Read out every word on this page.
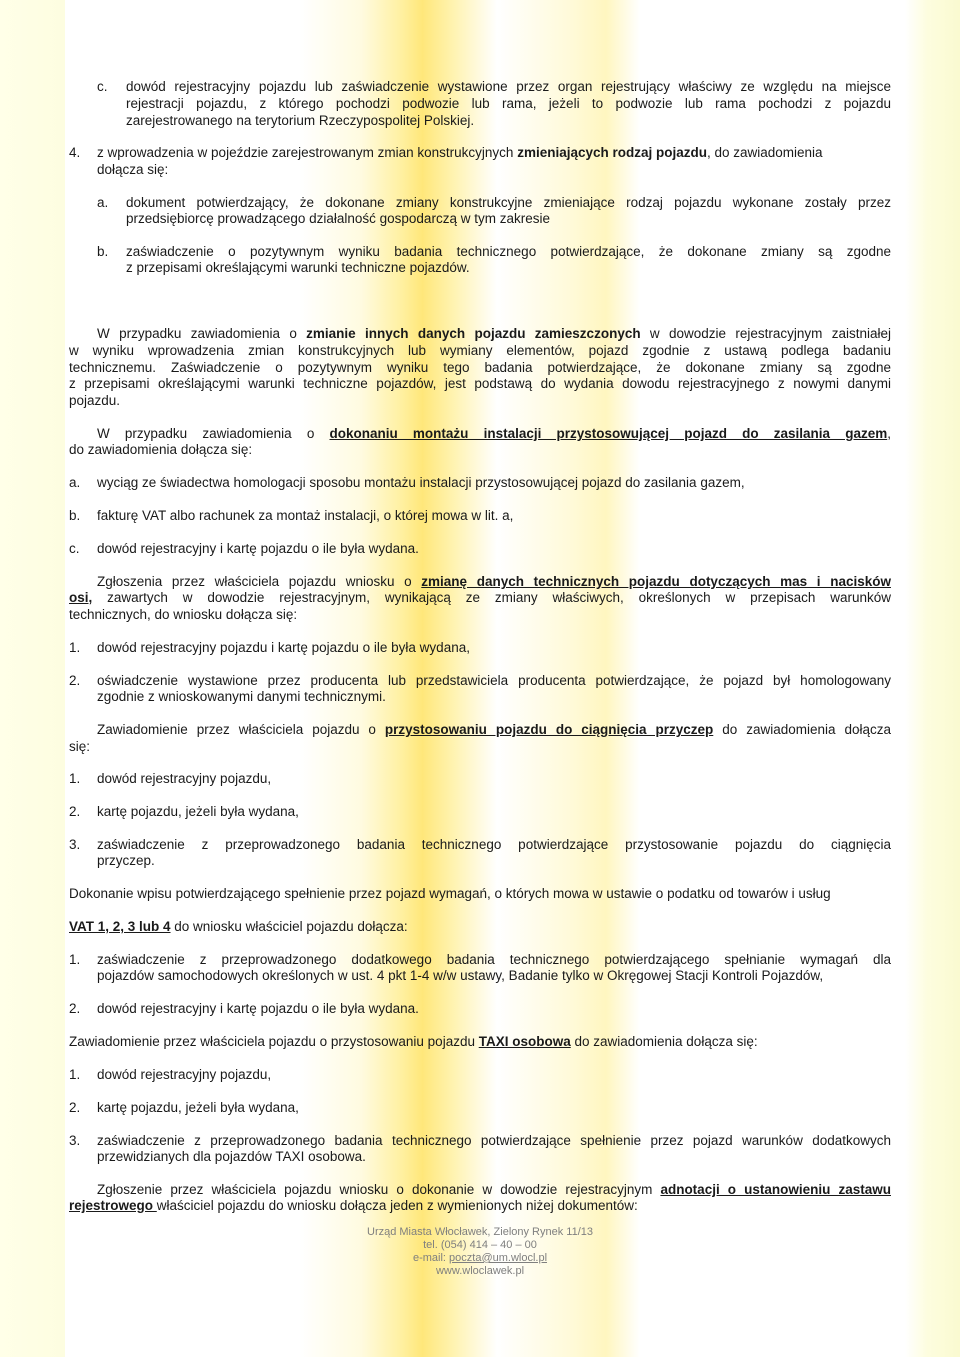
c. dowód rejestracyjny pojazdu lub zaświadczenie wystawione przez organ rejestrujący właściwy ze względu na miejsce
rejestracji pojazdu, z którego pochodzi podwozie lub rama, jeżeli to podwozie lub rama pochodzi z pojazdu
zarejestrowanego na terytorium Rzeczypospolitej Polskiej.
4. z wprowadzenia w pojeździe zarejestrowanym zmian konstrukcyjnych zmieniających rodzaj pojazdu, do zawiadomienia
dołącza się:
a. dokument potwierdzający, że dokonane zmiany konstrukcyjne zmieniające rodzaj pojazdu wykonane zostały przez
przedsiębiorcę prowadzącego działalność gospodarczą w tym zakresie
b. zaświadczenie o pozytywnym wyniku badania technicznego potwierdzające, że dokonane zmiany są zgodne
z przepisami określającymi warunki techniczne pojazdów.
W przypadku zawiadomienia o zmianie innych danych pojazdu zamieszczonych w dowodzie rejestracyjnym zaistniałej
w wyniku wprowadzenia zmian konstrukcyjnych lub wymiany elementów, pojazd zgodnie z ustawą podlega badaniu
technicznemu. Zaświadczenie o pozytywnym wyniku tego badania potwierdzające, że dokonane zmiany są zgodne
z przepisami określającymi warunki techniczne pojazdów, jest podstawą do wydania dowodu rejestracyjnego z nowymi danymi
pojazdu.
W przypadku zawiadomienia o dokonaniu montażu instalacji przystosowującej pojazd do zasilania gazem,
do zawiadomienia dołącza się:
a. wyciąg ze świadectwa homologacji sposobu montażu instalacji przystosowującej pojazd do zasilania gazem,
b. fakturę VAT albo rachunek za montaż instalacji, o której mowa w lit. a,
c. dowód rejestracyjny i kartę pojazdu o ile była wydana.
Zgłoszenia przez właściciela pojazdu wniosku o zmianę danych technicznych pojazdu dotyczących mas i nacisków
osi, zawartych w dowodzie rejestracyjnym, wynikającą ze zmiany właściwych, określonych w przepisach warunków
technicznych, do wniosku dołącza się:
1. dowód rejestracyjny pojazdu i kartę pojazdu o ile była wydana,
2. oświadczenie wystawione przez producenta lub przedstawiciela producenta potwierdzające, że pojazd był homologowany
zgodnie z wnioskowanymi danymi technicznymi.
Zawiadomienie przez właściciela pojazdu o przystosowaniu pojazdu do ciągnięcia przyczep do zawiadomienia dołącza
się:
1. dowód rejestracyjny pojazdu,
2. kartę pojazdu, jeżeli była wydana,
3. zaświadczenie z przeprowadzonego badania technicznego potwierdzające przystosowanie pojazdu do ciągnięcia
przyczep.
Dokonanie wpisu potwierdzającego spełnienie przez pojazd wymagań, o których mowa w ustawie o podatku od towarów i usług
VAT 1, 2, 3 lub 4 do wniosku właściciel pojazdu dołącza:
1. zaświadczenie z przeprowadzonego dodatkowego badania technicznego potwierdzającego spełnianie wymagań dla
pojazdów samochodowych określonych w ust. 4 pkt 1-4 w/w ustawy, Badanie tylko w Okręgowej Stacji Kontroli Pojazdów,
2. dowód rejestracyjny i kartę pojazdu o ile była wydana.
Zawiadomienie przez właściciela pojazdu o przystosowaniu pojazdu TAXI osobowa do zawiadomienia dołącza się:
1. dowód rejestracyjny pojazdu,
2. kartę pojazdu, jeżeli była wydana,
3. zaświadczenie z przeprowadzonego badania technicznego potwierdzające spełnienie przez pojazd warunków dodatkowych
przewidzianych dla pojazdów TAXI osobowa.
Zgłoszenie przez właściciela pojazdu wniosku o dokonanie w dowodzie rejestracyjnym adnotacji o ustanowieniu zastawu
rejestrowego właściciel pojazdu do wniosku dołącza jeden z wymienionych niżej dokumentów:
Urząd Miasta Włocławek, Zielony Rynek 11/13
tel. (054) 414 – 40 – 00
e-mail: poczta@um.wlocl.pl
www.wloclawek.pl
